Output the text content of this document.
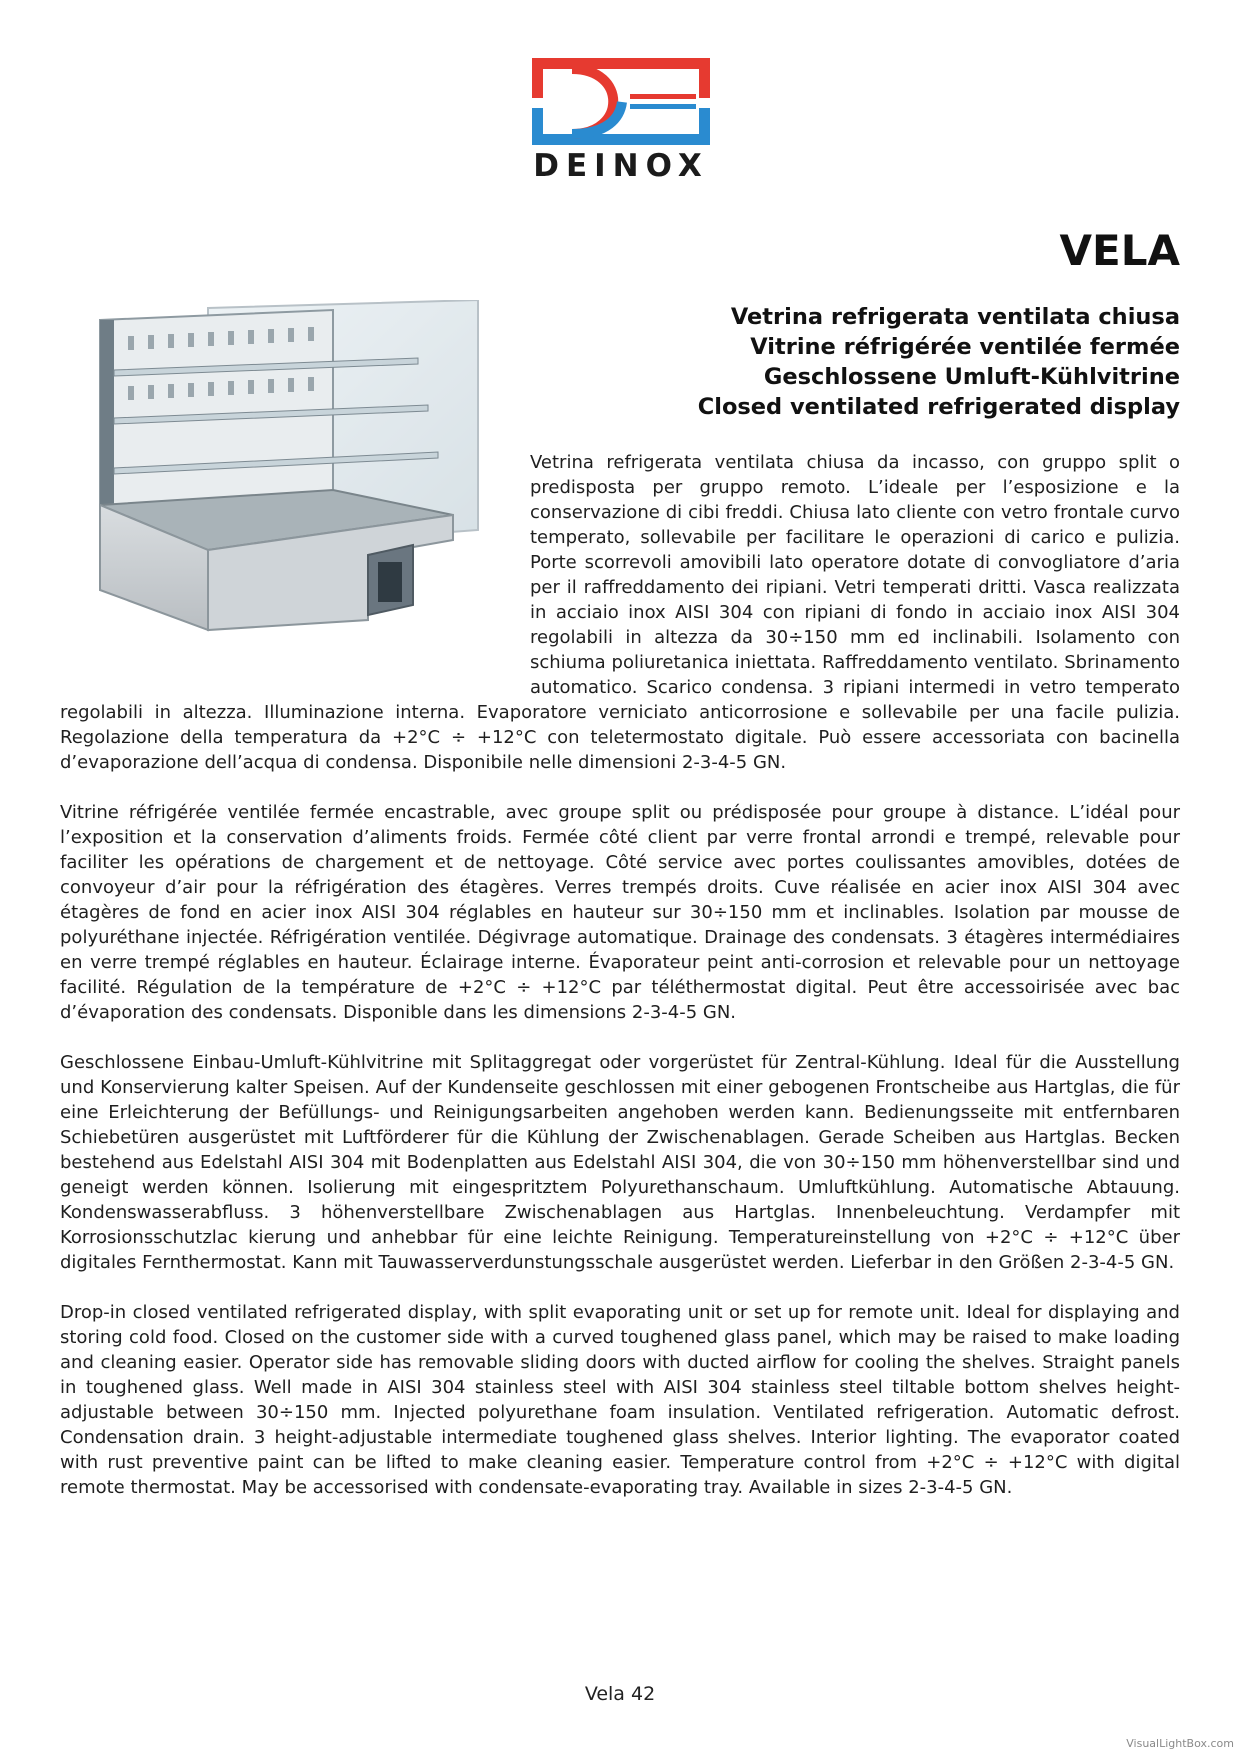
DEINOX
VELA

Vetrina refrigerata ventilata chiusa

Vitrine réfrigérée ventilée fermée

Geschlossene Umluft-Kühlvitrine

Closed ventilated refrigerated display

Vetrina refrigerata ventilata chiusa da incasso, con gruppo split o predisposta per gruppo remoto. L’ideale per l’esposizione e la conservazione di cibi freddi. Chiusa lato cliente con vetro frontale curvo temperato, sollevabile per facilitare le operazioni di carico e pulizia. Porte scorrevoli amovibili lato operatore dotate di convogliatore d’aria per il raffreddamento dei ripiani. Vetri temperati dritti. Vasca realizzata in acciaio inox AISI 304 con ripiani di fondo in acciaio inox AISI 304 regolabili in altezza da 30÷150 mm ed inclinabili. Isolamento con schiuma poliuretanica iniettata. Raffreddamento ventilato. Sbrinamento automatico. Scarico condensa. 3 ripiani intermedi in vetro temperato regolabili in altezza. Illuminazione interna. Evaporatore verniciato anticorrosione e sollevabile per una facile pulizia. Regolazione della temperatura da +2°C ÷ +12°C con teletermostato digitale. Può essere accessoriata con bacinella d’evaporazione dell’acqua di condensa. Disponibile nelle dimensioni 2-3-4-5 GN.

Vitrine réfrigérée ventilée fermée encastrable, avec groupe split ou prédisposée pour groupe à distance. L’idéal pour l’exposition et la conservation d’aliments froids. Fermée côté client par verre frontal arrondi e trempé, relevable pour faciliter les opérations de chargement et de nettoyage. Côté service avec portes coulissantes amovibles, dotées de convoyeur d’air pour la réfrigération des étagères. Verres trempés droits. Cuve réalisée en acier inox AISI 304 avec étagères de fond en acier inox AISI 304 réglables en hauteur sur 30÷150 mm et inclinables. Isolation par mousse de polyuréthane injectée. Réfrigération ventilée. Dégivrage automatique. Drainage des condensats. 3 étagères intermédiaires en verre trempé réglables en hauteur. Éclairage interne. Évaporateur peint anti-corrosion et relevable pour un nettoyage facilité. Régulation de la température de +2°C ÷ +12°C par téléthermostat digital. Peut être accessoirisée avec bac d’évaporation des condensats. Disponible dans les dimensions 2-3-4-5 GN.

Geschlossene Einbau-Umluft-Kühlvitrine mit Splitaggregat oder vorgerüstet für Zentral-Kühlung. Ideal für die Ausstellung und Konservierung kalter Speisen. Auf der Kundenseite geschlossen mit einer gebogenen Frontscheibe aus Hartglas, die für eine Erleichterung der Befüllungs- und Reinigungsarbeiten angehoben werden kann. Bedienungsseite mit entfernbaren Schiebetüren ausgerüstet mit Luftförderer für die Kühlung der Zwischenablagen. Gerade Scheiben aus Hartglas. Becken bestehend aus Edelstahl AISI 304 mit Bodenplatten aus Edelstahl AISI 304, die von 30÷150 mm höhenverstellbar sind und geneigt werden können. Isolierung mit eingespritztem Polyurethanschaum. Umluftkühlung. Automatische Abtauung. Kondenswasserabfluss. 3 höhenverstellbare Zwischenablagen aus Hartglas. Innenbeleuchtung. Verdampfer mit Korrosionsschutzlac kierung und anhebbar für eine leichte Reinigung. Temperatureinstellung von +2°C ÷ +12°C über digitales Fernthermostat. Kann mit Tauwasserverdunstungsschale ausgerüstet werden. Lieferbar in den Größen 2-3-4-5 GN.

Drop-in closed ventilated refrigerated display, with split evaporating unit or set up for remote unit. Ideal for displaying and storing cold food. Closed on the customer side with a curved toughened glass panel, which may be raised to make loading and cleaning easier. Operator side has removable sliding doors with ducted airflow for cooling the shelves. Straight panels in toughened glass. Well made in AISI 304 stainless steel with AISI 304 stainless steel tiltable bottom shelves height-adjustable between 30÷150 mm. Injected polyurethane foam insulation. Ventilated refrigeration. Automatic defrost. Condensation drain. 3 height-adjustable intermediate toughened glass shelves. Interior lighting. The evaporator coated with rust preventive paint can be lifted to make cleaning easier. Temperature control from +2°C ÷ +12°C with digital remote thermostat. May be accessorised with condensate-evaporating tray. Available in sizes 2-3-4-5 GN.

Vela 42
VisualLightBox.com
